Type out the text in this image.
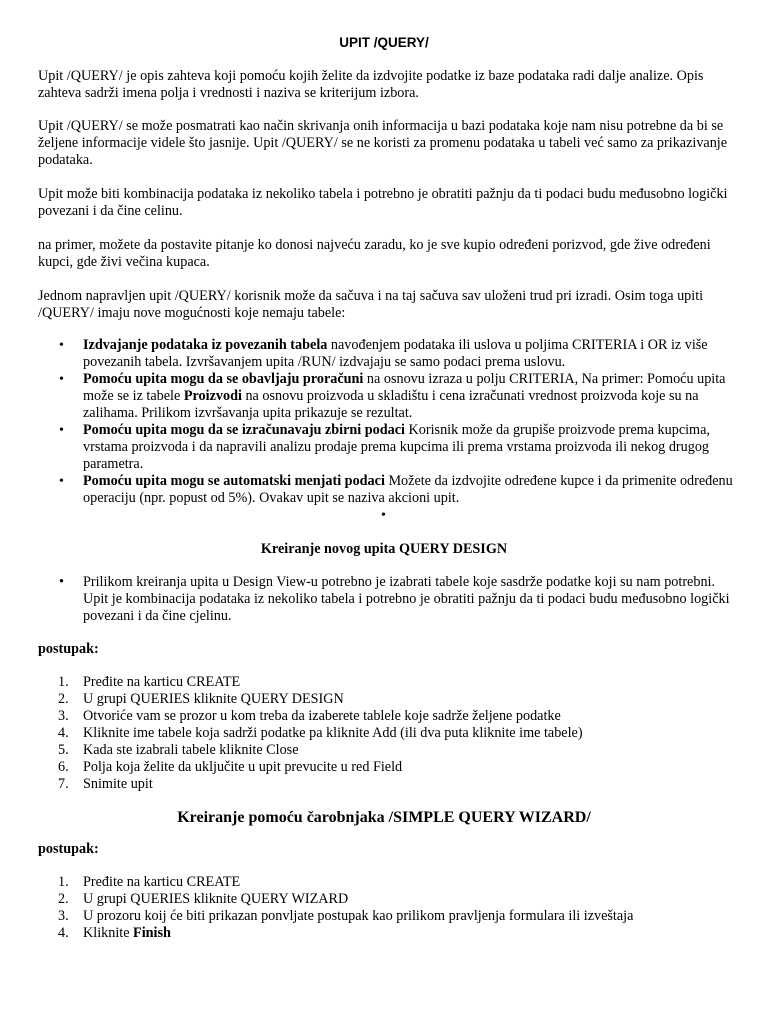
UPIT /QUERY/

Upit /QUERY/ je opis zahteva koji pomoću kojih želite da izdvojite podatke iz baze podataka radi dalje analize. Opis zahteva sadrži imena polja i vrednosti i naziva se kriterijum izbora.

Upit /QUERY/ se može posmatrati kao način skrivanja onih informacija u bazi podataka koje nam nisu potrebne da bi se željene informacije videle što jasnije. Upit /QUERY/ se ne koristi za promenu podataka u tabeli već samo za prikazivanje podataka.

Upit može biti kombinacija podataka iz nekoliko tabela i potrebno je obratiti pažnju da ti podaci budu međusobno logički povezani i da čine celinu.

na primer, možete da postavite pitanje ko donosi najveću zaradu, ko je sve kupio određeni porizvod, gde žive određeni kupci, gde živi večina kupaca.

Jednom napravljen upit /QUERY/ korisnik može da sačuva i na taj sačuva sav uloženi trud pri izradi. Osim toga upiti /QUERY/ imaju nove mogućnosti koje nemaju tabele:

• Izdvajanje podataka iz povezanih tabela navođenjem podataka ili uslova u poljima CRITERIA i OR iz više povezanih tabela. Izvršavanjem upita /RUN/ izdvajaju se samo podaci prema uslovu.
• Pomoću upita mogu da se obavljaju proračuni na osnovu izraza u polju CRITERIA, Na primer: Pomoću upita može se iz tabele Proizvodi na osnovu proizvoda u skladištu i cena izračunati vrednost proizvoda koje su na zalihama. Prilikom izvršavanja upita prikazuje se rezultat.
• Pomoću upita mogu da se izračunavaju zbirni podaci Korisnik može da grupiše proizvode prema kupcima, vrstama proizvoda i da napravili analizu prodaje prema kupcima ili prema vrstama proizvoda ili nekog drugog parametra.
• Pomoću upita mogu se automatski menjati podaci Možete da izdvojite određene kupce i da primenite određenu operaciju (npr. popust od 5%). Ovakav upit se naziva akcioni upit.
•
Kreiranje novog upita QUERY DESIGN
• Prilikom kreiranja upita u Design View-u potrebno je izabrati tabele koje sasdrže podatke koji su nam potrebni. Upit je kombinacija podataka iz nekoliko tabela i potrebno je obratiti pažnju da ti podaci budu međusobno logički povezani i da čine cjelinu.
postupak:
1.	Pređite na karticu CREATE
2.	U grupi QUERIES kliknite QUERY DESIGN
3.	Otvoriće vam se prozor u kom treba da izaberete tablele koje sadrže željene podatke
4.	Kliknite ime tabele koja sadrži podatke pa kliknite Add (ili dva puta kliknite ime tabele)
5.	Kada ste izabrali tabele kliknite Close
6.	Polja koja želite da uključite u upit prevucite u red Field
7.	Snimite upit
Kreiranje pomoću čarobnjaka /SIMPLE QUERY WIZARD/
postupak:
1.	Pređite na karticu CREATE
2.	U grupi QUERIES kliknite QUERY WIZARD
3.	U prozoru koij će biti prikazan ponvljate postupak kao prilikom pravljenja formulara ili izveštaja
4.	Kliknite Finish
